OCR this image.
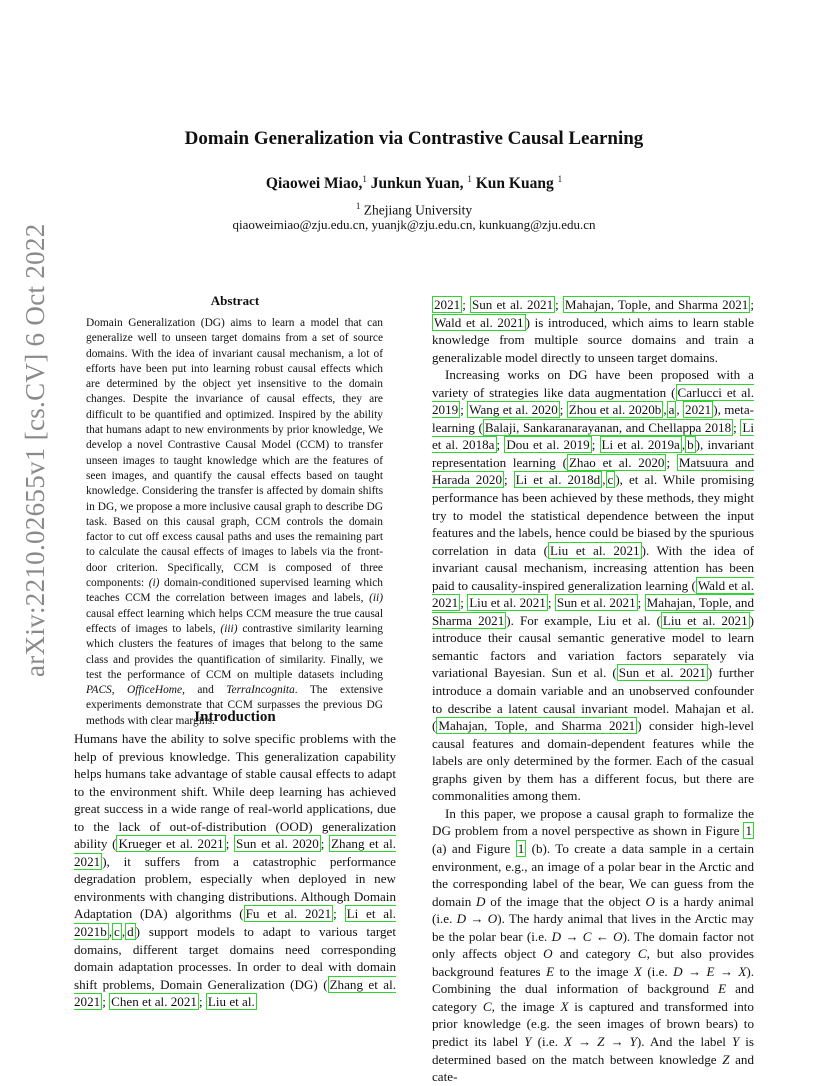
arXiv:2210.02655v1 [cs.CV] 6 Oct 2022
Domain Generalization via Contrastive Causal Learning
Qiaowei Miao,$^1$ Junkun Yuan, $^1$ Kun Kuang $^1$
$^1$ Zhejiang University
qiaoweimiao@zju.edu.cn, yuanjk@zju.edu.cn, kunkuang@zju.edu.cn
Abstract
Domain Generalization (DG) aims to learn a model that can generalize well to unseen target domains from a set of source domains. With the idea of invariant causal mechanism, a lot of efforts have been put into learning robust causal effects which are determined by the object yet insensitive to the domain changes. Despite the invariance of causal effects, they are difficult to be quantified and optimized. Inspired by the ability that humans adapt to new environments by prior knowledge, We develop a novel Contrastive Causal Model (CCM) to transfer unseen images to taught knowledge which are the features of seen images, and quantify the causal effects based on taught knowledge. Considering the transfer is affected by domain shifts in DG, we propose a more inclusive causal graph to describe DG task. Based on this causal graph, CCM controls the domain factor to cut off excess causal paths and uses the remaining part to calculate the causal effects of images to labels via the front-door criterion. Specifically, CCM is composed of three components: (i) domain-conditioned supervised learning which teaches CCM the correlation between images and labels, (ii) causal effect learning which helps CCM measure the true causal effects of images to labels, (iii) contrastive similarity learning which clusters the features of images that belong to the same class and provides the quantification of similarity. Finally, we test the performance of CCM on multiple datasets including PACS, OfficeHome, and TerraIncognita. The extensive experiments demonstrate that CCM surpasses the previous DG methods with clear margins.
Introduction

Humans have the ability to solve specific problems with the help of previous knowledge. This generalization capability helps humans take advantage of stable causal effects to adapt to the environment shift. While deep learning has achieved great success in a wide range of real-world applications, due to the lack of out-of-distribution (OOD) generalization ability ( Krueger et al. 2021 ; Sun et al. 2020 ; Zhang et al. 2021 ), it suffers from a catastrophic performance degradation problem, especially when deployed in new environments with changing distributions. Although Domain Adaptation (DA) algorithms ( Fu et al. 2021 ; Li et al. 2021b , c , d ) support models to adapt to various target domains, different target domains need corresponding domain adaptation processes. In order to deal with domain shift problems, Domain Generalization (DG) ( Zhang et al. 2021 ; Chen et al. 2021 ; Liu et al.

2021 ; Sun et al. 2021 ; Mahajan, Tople, and Sharma 2021 ; Wald et al. 2021 ) is introduced, which aims to learn stable knowledge from multiple source domains and train a generalizable model directly to unseen target domains.

Increasing works on DG have been proposed with a variety of strategies like data augmentation ( Carlucci et al. 2019 ; Wang et al. 2020 ; Zhou et al. 2020b , a , 2021 ), meta-learning ( Balaji, Sankaranarayanan, and Chellappa 2018 ; Li et al. 2018a ; Dou et al. 2019 ; Li et al. 2019a , b ), invariant representation learning ( Zhao et al. 2020 ; Matsuura and Harada 2020 ; Li et al. 2018d , c ), et al. While promising performance has been achieved by these methods, they might try to model the statistical dependence between the input features and the labels, hence could be biased by the spurious correlation in data ( Liu et al. 2021 ). With the idea of invariant causal mechanism, increasing attention has been paid to causality-inspired generalization learning ( Wald et al. 2021 ; Liu et al. 2021 ; Sun et al. 2021 ; Mahajan, Tople, and Sharma 2021 ). For example, Liu et al. ( Liu et al. 2021 ) introduce their causal semantic generative model to learn semantic factors and variation factors separately via variational Bayesian. Sun et al. ( Sun et al. 2021 ) further introduce a domain variable and an unobserved confounder to describe a latent causal invariant model. Mahajan et al. ( Mahajan, Tople, and Sharma 2021 ) consider high-level causal features and domain-dependent features while the labels are only determined by the former. Each of the casual graphs given by them has a different focus, but there are commonalities among them.

In this paper, we propose a causal graph to formalize the DG problem from a novel perspective as shown in Figure 1 (a) and Figure 1 (b). To create a data sample in a certain environment, e.g., an image of a polar bear in the Arctic and the corresponding label of the bear, We can guess from the domain D of the image that the object O is a hardy animal (i.e. D → O). The hardy animal that lives in the Arctic may be the polar bear (i.e. D → C ← O). The domain factor not only affects object O and category C, but also provides background features E to the image X (i.e. D → E → X). Combining the dual information of background E and category C, the image X is captured and transformed into prior knowledge (e.g. the seen images of brown bears) to predict its label Y (i.e. X → Z → Y). And the label Y is determined based on the match between knowledge Z and cate-
